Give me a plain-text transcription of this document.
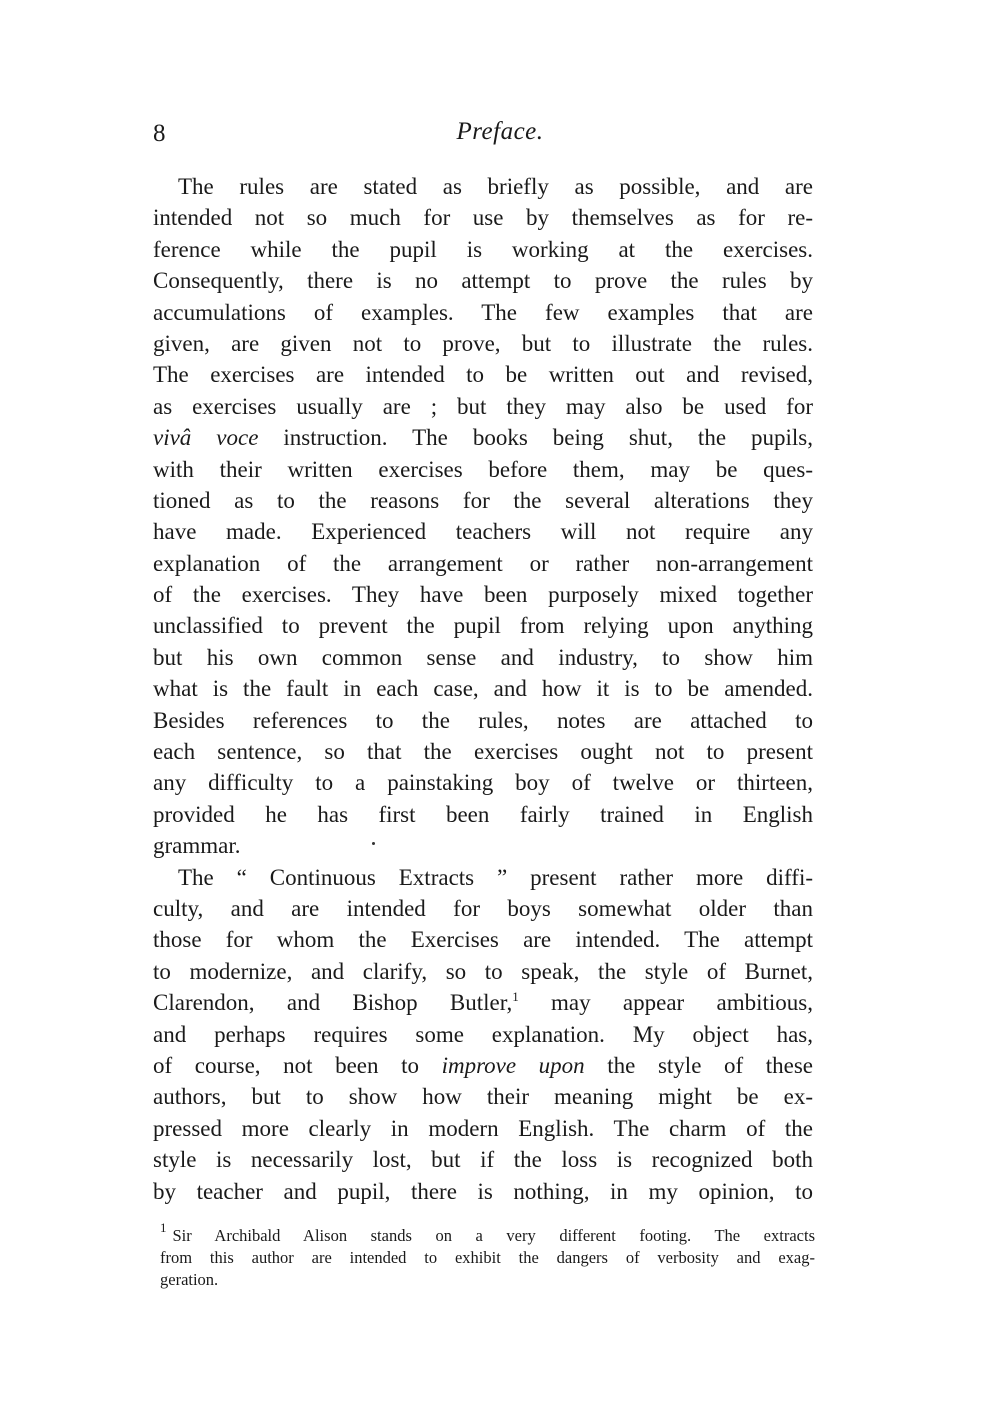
8	Preface.
The rules are stated as briefly as possible, and are
intended not so much for use by themselves as for re-
ference while the pupil is working at the exercises.
Consequently, there is no attempt to prove the rules by
accumulations of examples. The few examples that are
given, are given not to prove, but to illustrate the rules.
The exercises are intended to be written out and revised,
as exercises usually are ; but they may also be used for
vivâ voce instruction. The books being shut, the pupils,
with their written exercises before them, may be ques-
tioned as to the reasons for the several alterations they
have made. Experienced teachers will not require any
explanation of the arrangement or rather non-arrangement
of the exercises. They have been purposely mixed together
unclassified to prevent the pupil from relying upon anything
but his own common sense and industry, to show him
what is the fault in each case, and how it is to be amended.
Besides references to the rules, notes are attached to
each sentence, so that the exercises ought not to present
any difficulty to a painstaking boy of twelve or thirteen,
provided he has first been fairly trained in English
grammar.
The “ Continuous Extracts ” present rather more diffi-
culty, and are intended for boys somewhat older than
those for whom the Exercises are intended. The attempt
to modernize, and clarify, so to speak, the style of Burnet,
Clarendon, and Bishop Butler,$^1$ may appear ambitious,
and perhaps requires some explanation. My object has,
of course, not been to improve upon the style of these
authors, but to show how their meaning might be ex-
pressed more clearly in modern English. The charm of the
style is necessarily lost, but if the loss is recognized both
by teacher and pupil, there is nothing, in my opinion, to
$^1$ Sir Archibald Alison stands on a very different footing. The extracts
from this author are intended to exhibit the dangers of verbosity and exag-
geration.
